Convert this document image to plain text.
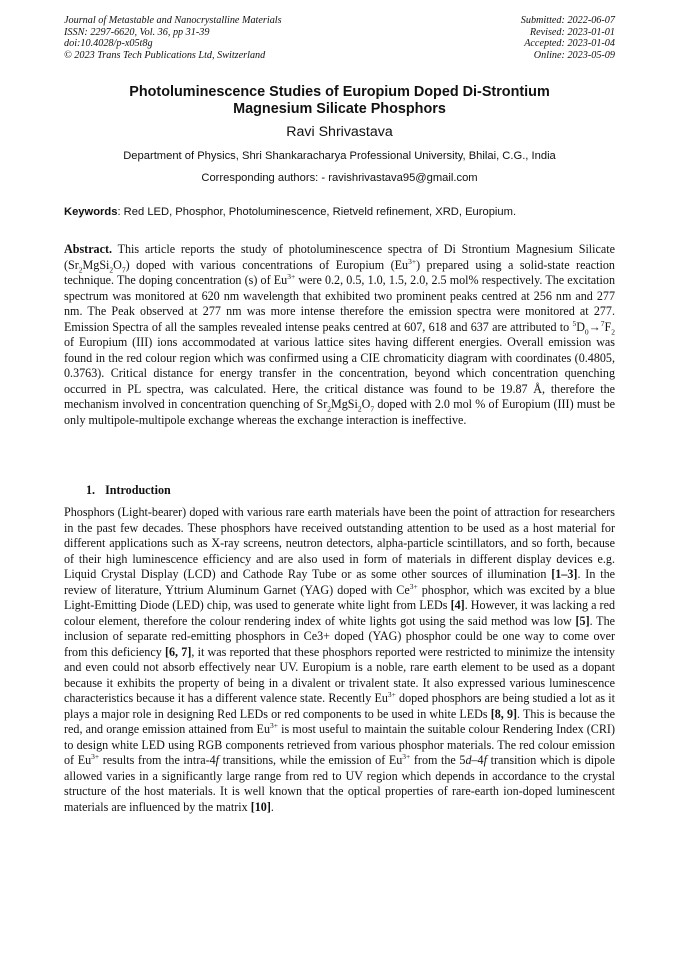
Journal of Metastable and Nanocrystalline Materials
ISSN: 2297-6620, Vol. 36, pp 31-39
doi:10.4028/p-x05t8g
© 2023 Trans Tech Publications Ltd, Switzerland
Submitted: 2022-06-07
Revised: 2023-01-01
Accepted: 2023-01-04
Online: 2023-05-09
Photoluminescence Studies of Europium Doped Di-Strontium
Magnesium Silicate Phosphors
Ravi Shrivastava
Department of Physics, Shri Shankaracharya Professional University, Bhilai, C.G., India
Corresponding authors: - ravishrivastava95@gmail.com
Keywords: Red LED, Phosphor, Photoluminescence, Rietveld refinement, XRD, Europium.
Abstract. This article reports the study of photoluminescence spectra of Di Strontium Magnesium Silicate $(Sr_2MgSi_2O_7)$ doped with various concentrations of Europium $(Eu^{3+})$ prepared using a solid-state reaction technique. The doping concentration (s) of $Eu^{3+}$ were 0.2, 0.5, 1.0, 1.5, 2.0, 2.5 mol% respectively. The excitation spectrum was monitored at 620 nm wavelength that exhibited two prominent peaks centred at 256 nm and 277 nm. The Peak observed at 277 nm was more intense therefore the emission spectra were monitored at 277. Emission Spectra of all the samples revealed intense peaks centred at 607, 618 and 637 are attributed to $^5D_0\to^7F_2$ of Europium (III) ions accommodated at various lattice sites having different energies. Overall emission was found in the red colour region which was confirmed using a CIE chromaticity diagram with coordinates (0.4805, 0.3763). Critical distance for energy transfer in the concentration, beyond which concentration quenching occurred in PL spectra, was calculated. Here, the critical distance was found to be 19.87 Å, therefore the mechanism involved in concentration quenching of $Sr_2MgSi_2O_7$ doped with 2.0 mol % of Europium (III) must be only multipole-multipole exchange whereas the exchange interaction is ineffective.
1. Introduction
Phosphors (Light-bearer) doped with various rare earth materials have been the point of attraction for researchers in the past few decades. These phosphors have received outstanding attention to be used as a host material for different applications such as X-ray screens, neutron detectors, alpha-particle scintillators, and so forth, because of their high luminescence efficiency and are also used in form of materials in different display devices e.g. Liquid Crystal Display (LCD) and Cathode Ray Tube or as some other sources of illumination [1–3]. In the review of literature, Yttrium Aluminum Garnet (YAG) doped with $Ce^{3+}$ phosphor, which was excited by a blue Light-Emitting Diode (LED) chip, was used to generate white light from LEDs [4]. However, it was lacking a red colour element, therefore the colour rendering index of white lights got using the said method was low [5]. The inclusion of separate red-emitting phosphors in Ce3+ doped (YAG) phosphor could be one way to come over from this deficiency [6, 7], it was reported that these phosphors reported were restricted to minimize the intensity and even could not absorb effectively near UV. Europium is a noble, rare earth element to be used as a dopant because it exhibits the property of being in a divalent or trivalent state. It also expressed various luminescence characteristics because it has a different valence state. Recently $Eu^{3+}$ doped phosphors are being studied a lot as it plays a major role in designing Red LEDs or red components to be used in white LEDs [8, 9]. This is because the red, and orange emission attained from $Eu^{3+}$ is most useful to maintain the suitable colour Rendering Index (CRI) to design white LED using RGB components retrieved from various phosphor materials. The red colour emission of $Eu^{3+}$ results from the intra-4f transitions, while the emission of $Eu^{3+}$ from the 5d–4f transition which is dipole allowed varies in a significantly large range from red to UV region which depends in accordance to the crystal structure of the host materials. It is well known that the optical properties of rare-earth ion-doped luminescent materials are influenced by the matrix [10].
